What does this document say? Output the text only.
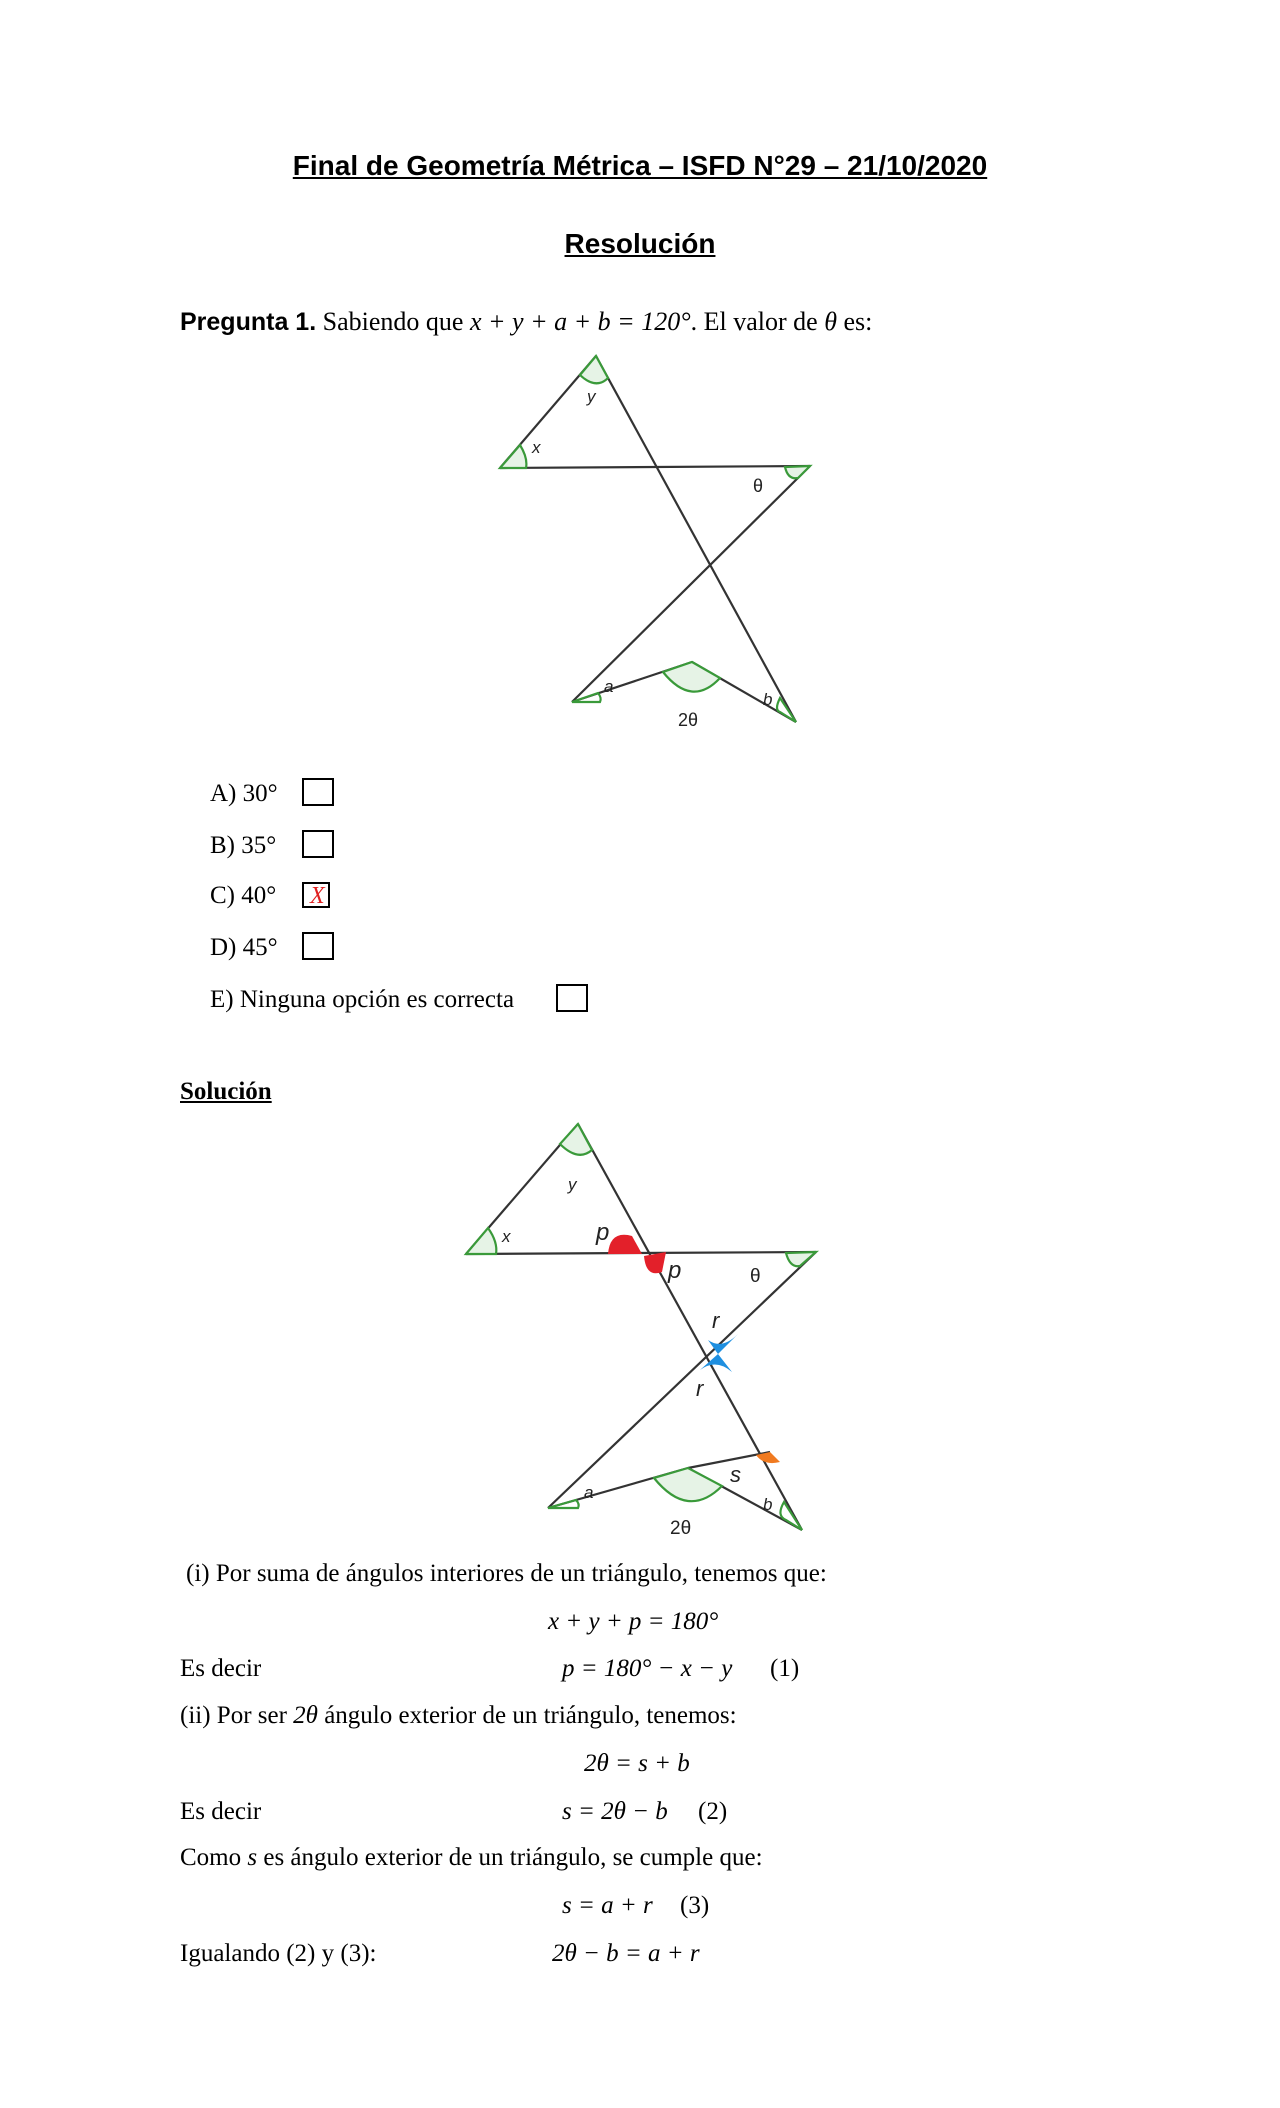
Final de Geometría Métrica – ISFD N°29 – 21/10/2020
Resolución
Pregunta 1. Sabiendo que x + y + a + b = 120°. El valor de θ es:
y
x
a
b
θ
2θ
A) 30°
B) 35°
C) 40° X
D) 45°
E) Ninguna opción es correcta
Solución
y
x
a
b
p
p
r
r
s
θ
2θ
(i) Por suma de ángulos interiores de un triángulo, tenemos que:
x + y + p = 180°
Es decir	p = 180° − x − y (1)
(ii) Por ser 2θ ángulo exterior de un triángulo, tenemos:
2θ = s + b
Es decir	s = 2θ − b (2)
Como s es ángulo exterior de un triángulo, se cumple que:
s = a + r (3)
Igualando (2) y (3):	2θ − b = a + r
